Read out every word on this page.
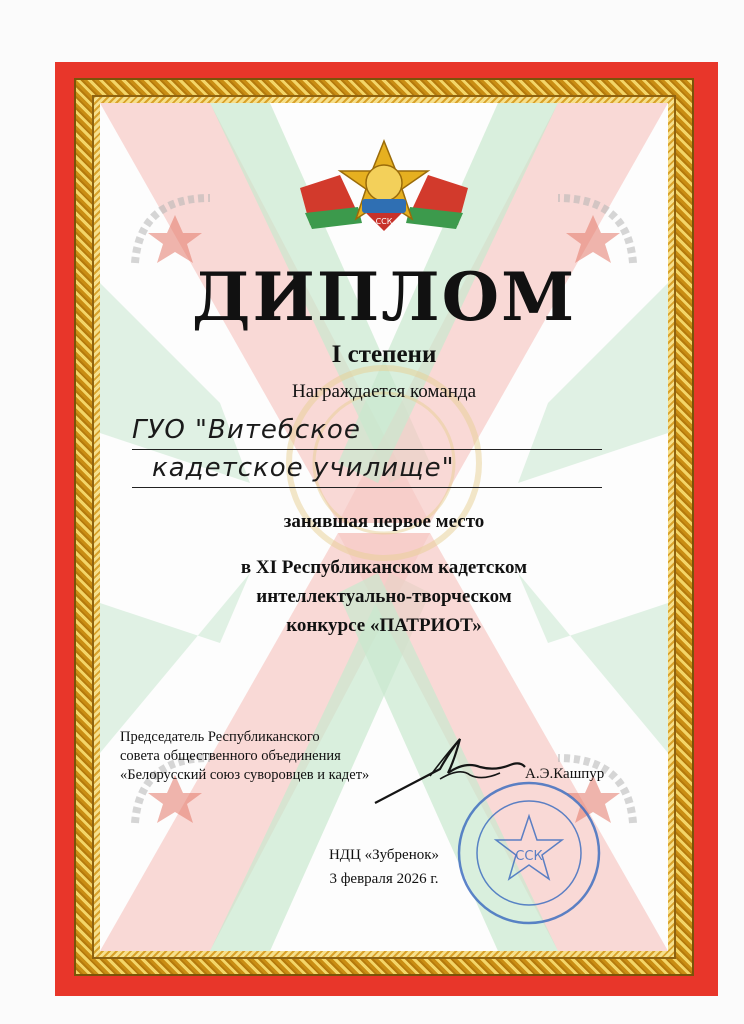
ССК
ДИПЛОМ
I степени
Награждается команда
ГУО "Витебское
кадетское училище"
занявшая первое место
в XI Республиканском кадетском
интеллектуально-творческом
конкурсе «ПАТРИОТ»
Председатель Республиканского
совета общественного объединения
«Белорусский союз суворовцев и кадет»	А.Э.Кашпур
ССК
НДЦ «Зубренок»
3 февраля 2026 г.
